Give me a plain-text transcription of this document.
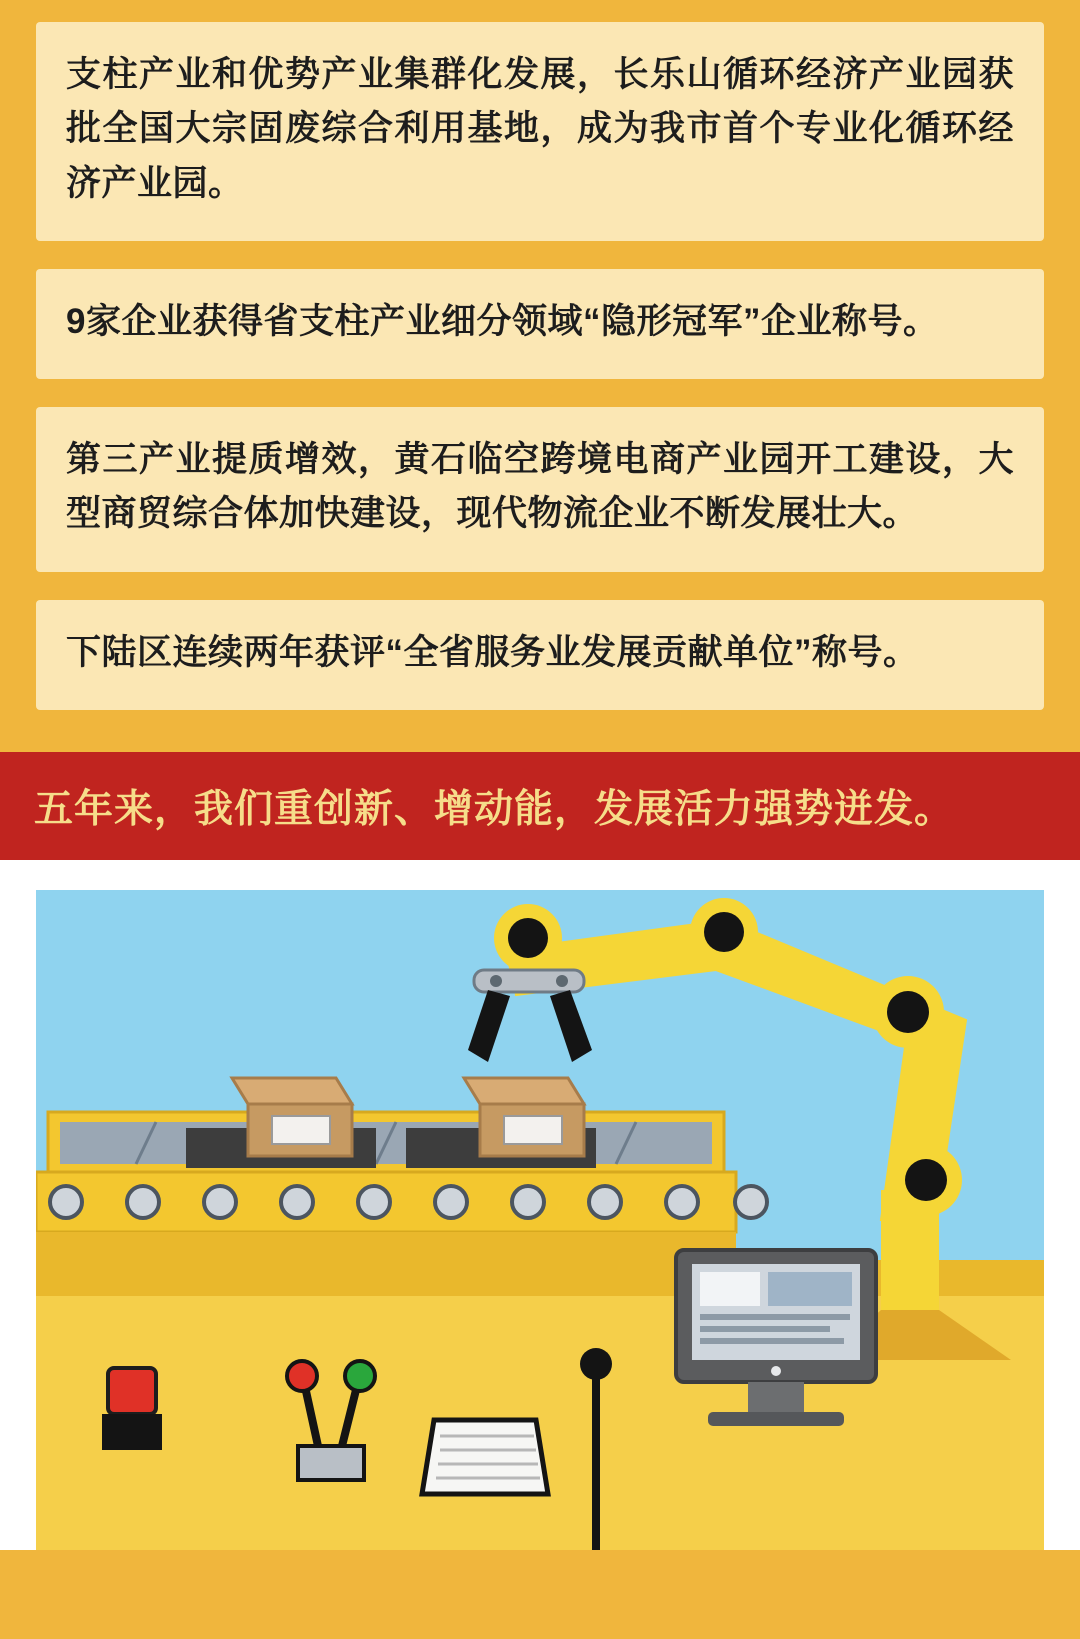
支柱产业和优势产业集群化发展，长乐山循环经济产业园获批全国大宗固废综合利用基地，成为我市首个专业化循环经济产业园。

9家企业获得省支柱产业细分领域“隐形冠军”企业称号。

第三产业提质增效，黄石临空跨境电商产业园开工建设，大型商贸综合体加快建设，现代物流企业不断发展壮大。

下陆区连续两年获评“全省服务业发展贡献单位”称号。

五年来，我们重创新、增动能，发展活力强势迸发。
